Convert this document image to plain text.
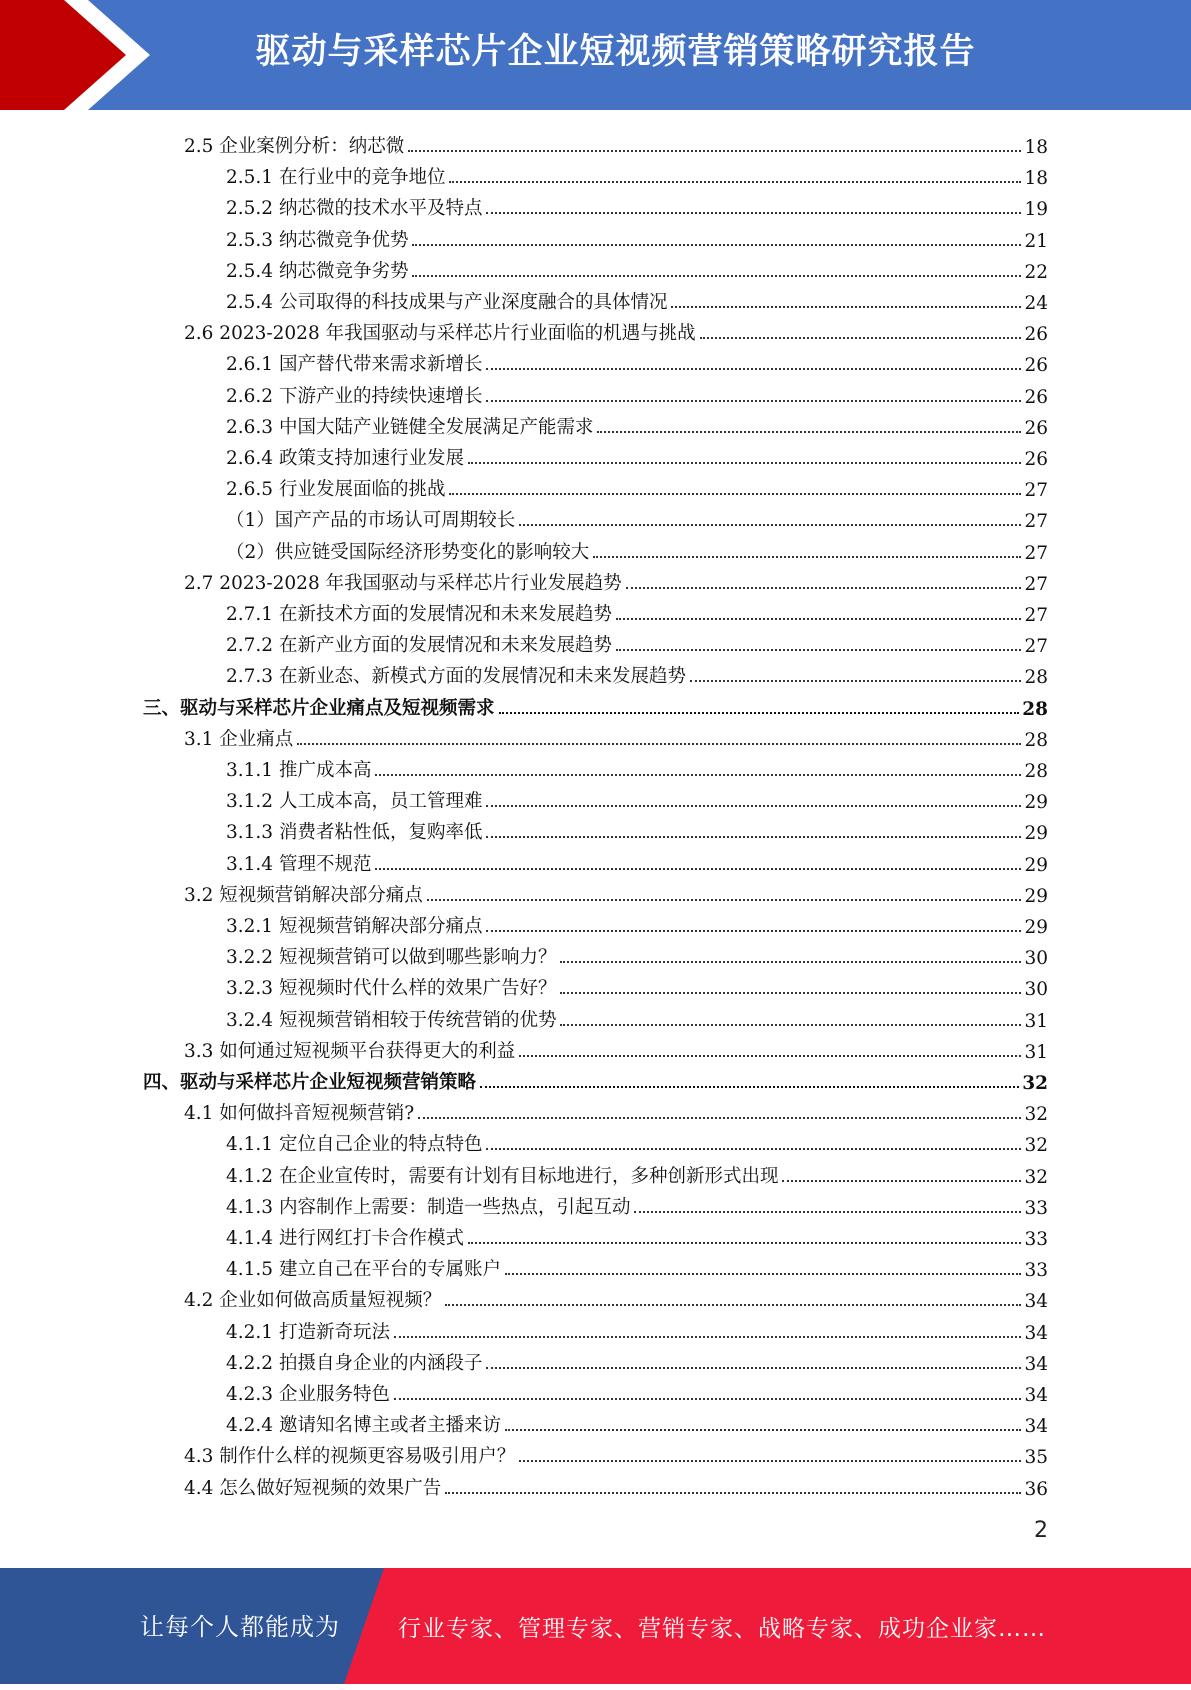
驱动与采样芯片企业短视频营销策略研究报告
2.5 企业案例分析：纳芯微	18
2.5.1 在行业中的竞争地位	18
2.5.2 纳芯微的技术水平及特点	19
2.5.3 纳芯微竞争优势	21
2.5.4 纳芯微竞争劣势	22
2.5.4 公司取得的科技成果与产业深度融合的具体情况	24
2.6 2023-2028 年我国驱动与采样芯片行业面临的机遇与挑战	26
2.6.1 国产替代带来需求新增长	26
2.6.2 下游产业的持续快速增长	26
2.6.3 中国大陆产业链健全发展满足产能需求	26
2.6.4 政策支持加速行业发展	26
2.6.5 行业发展面临的挑战	27
（1）国产产品的市场认可周期较长	27
（2）供应链受国际经济形势变化的影响较大	27
2.7 2023-2028 年我国驱动与采样芯片行业发展趋势	27
2.7.1 在新技术方面的发展情况和未来发展趋势	27
2.7.2 在新产业方面的发展情况和未来发展趋势	27
2.7.3 在新业态、新模式方面的发展情况和未来发展趋势	28
三、驱动与采样芯片企业痛点及短视频需求	28
3.1 企业痛点	28
3.1.1 推广成本高	28
3.1.2 人工成本高，员工管理难	29
3.1.3 消费者粘性低，复购率低	29
3.1.4 管理不规范	29
3.2 短视频营销解决部分痛点	29
3.2.1 短视频营销解决部分痛点	29
3.2.2 短视频营销可以做到哪些影响力？	30
3.2.3 短视频时代什么样的效果广告好？	30
3.2.4 短视频营销相较于传统营销的优势	31
3.3 如何通过短视频平台获得更大的利益	31
四、驱动与采样芯片企业短视频营销策略	32
4.1 如何做抖音短视频营销?	32
4.1.1 定位自己企业的特点特色	32
4.1.2 在企业宣传时，需要有计划有目标地进行，多种创新形式出现	32
4.1.3 内容制作上需要：制造一些热点，引起互动	33
4.1.4 进行网红打卡合作模式	33
4.1.5 建立自己在平台的专属账户	33
4.2 企业如何做高质量短视频？	34
4.2.1 打造新奇玩法	34
4.2.2 拍摄自身企业的内涵段子	34
4.2.3 企业服务特色	34
4.2.4 邀请知名博主或者主播来访	34
4.3 制作什么样的视频更容易吸引用户？	35
4.4 怎么做好短视频的效果广告	36
2
让每个人都能成为	行业专家、管理专家、营销专家、战略专家、成功企业家……
